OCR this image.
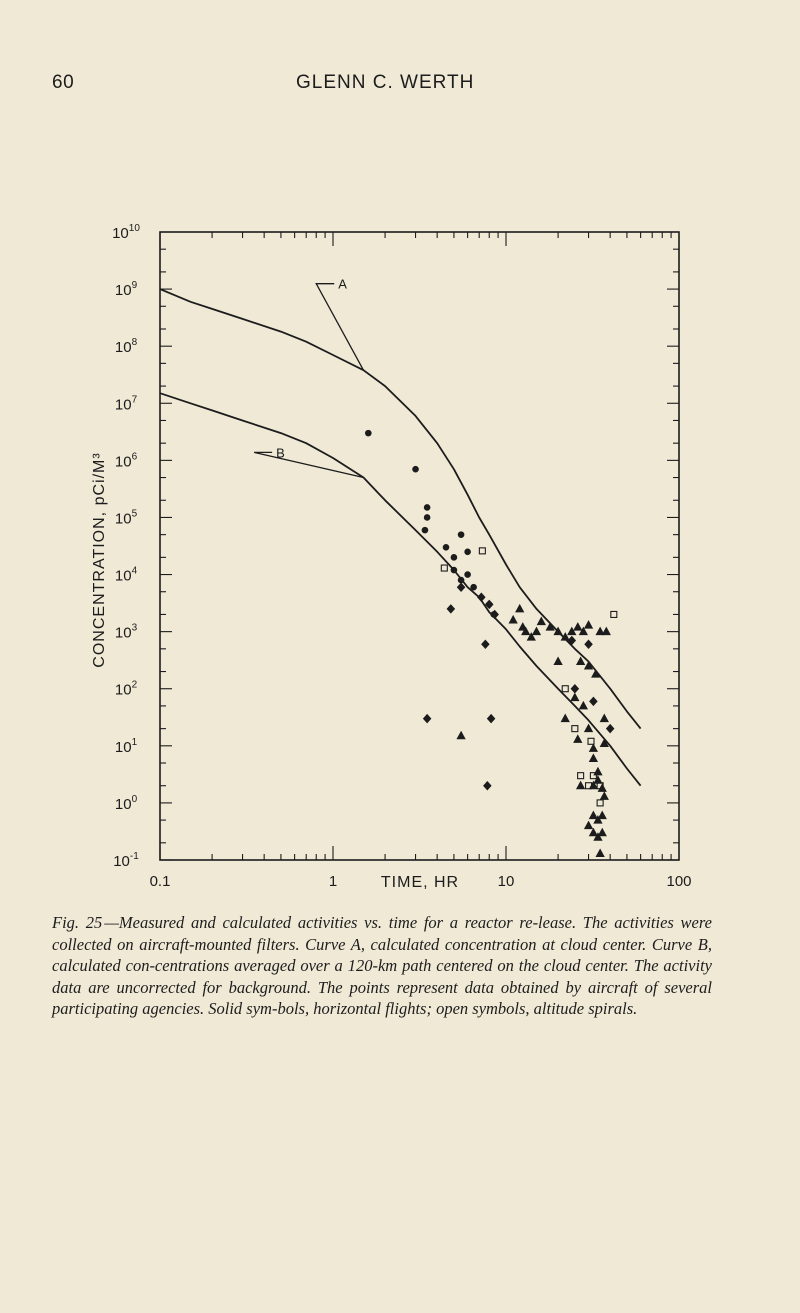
60	GLENN C. WERTH
0.1	1	10	100
$10^{-1}$
$10^0$
$10^1$
$10^2$
$10^3$
$10^4$
$10^5$
$10^6$
$10^7$
$10^8$
$10^9$
$10^{10}$
A
B
TIME, HR
CONCENTRATION, pCi/M³
Fig. 25 —Measured and calculated activities vs. time for a reactor re-lease. The activities were collected on aircraft-mounted filters. Curve A, calculated concentration at cloud center. Curve B, calculated con-centrations averaged over a 120-km path centered on the cloud center. The activity data are uncorrected for background. The points represent data obtained by aircraft of several participating agencies. Solid sym-bols, horizontal flights; open symbols, altitude spirals.
